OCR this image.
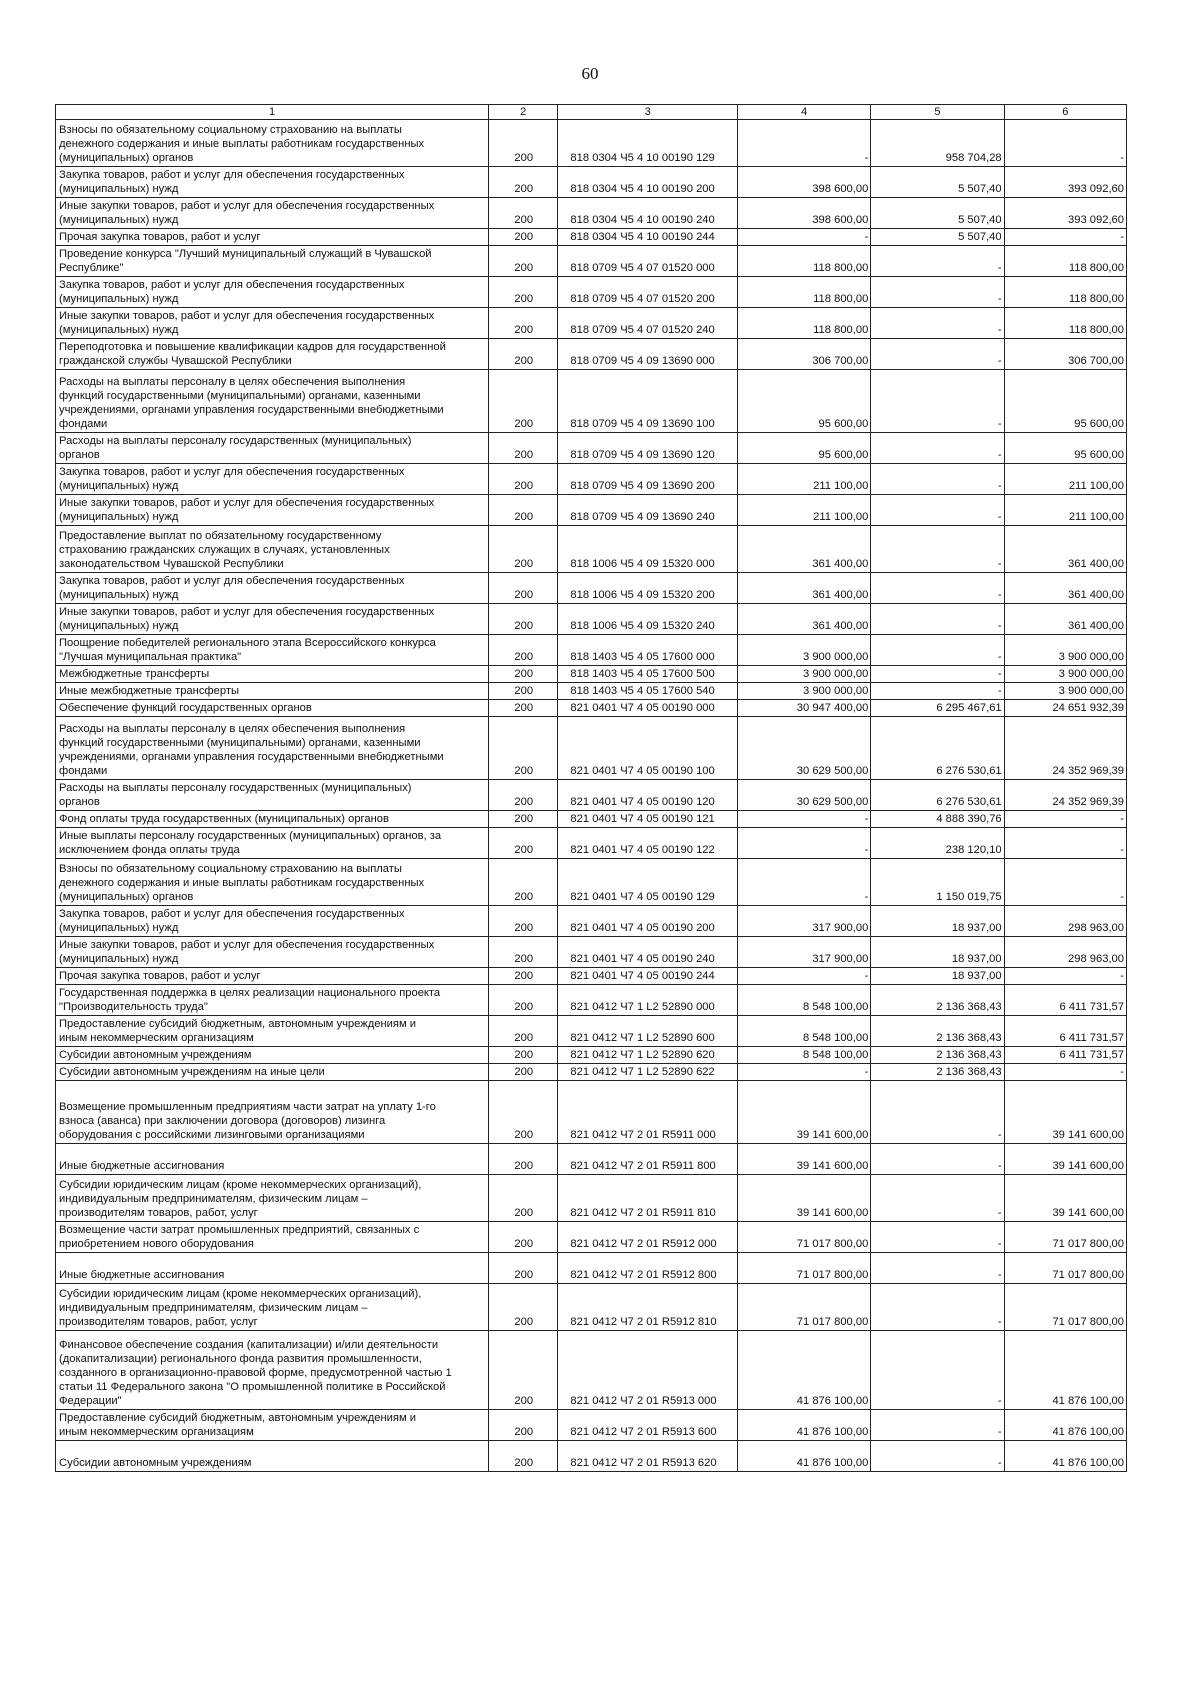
60
1	2	3	4	5	6

Взносы по обязательному социальному страхованию на выплаты
денежного содержания и иные выплаты работникам государственных
(муниципальных) органов	200	818 0304 Ч5 4 10 00190 129	-	958 704,28	-

Закупка товаров, работ и услуг для обеспечения государственных
(муниципальных) нужд	200	818 0304 Ч5 4 10 00190 200	398 600,00	5 507,40	393 092,60

Иные закупки товаров, работ и услуг для обеспечения государственных
(муниципальных) нужд	200	818 0304 Ч5 4 10 00190 240	398 600,00	5 507,40	393 092,60

Прочая закупка товаров, работ и услуг	200	818 0304 Ч5 4 10 00190 244	-	5 507,40	-

Проведение конкурса "Лучший муниципальный служащий в Чувашской
Республике"	200	818 0709 Ч5 4 07 01520 000	118 800,00	-	118 800,00

Закупка товаров, работ и услуг для обеспечения государственных
(муниципальных) нужд	200	818 0709 Ч5 4 07 01520 200	118 800,00	-	118 800,00

Иные закупки товаров, работ и услуг для обеспечения государственных
(муниципальных) нужд	200	818 0709 Ч5 4 07 01520 240	118 800,00	-	118 800,00

Переподготовка и повышение квалификации кадров для государственной
гражданской службы Чувашской Республики	200	818 0709 Ч5 4 09 13690 000	306 700,00	-	306 700,00

Расходы на выплаты персоналу в целях обеспечения выполнения
функций государственными (муниципальными) органами, казенными
учреждениями, органами управления государственными внебюджетными
фондами	200	818 0709 Ч5 4 09 13690 100	95 600,00	-	95 600,00

Расходы на выплаты персоналу государственных (муниципальных)
органов	200	818 0709 Ч5 4 09 13690 120	95 600,00	-	95 600,00

Закупка товаров, работ и услуг для обеспечения государственных
(муниципальных) нужд	200	818 0709 Ч5 4 09 13690 200	211 100,00	-	211 100,00

Иные закупки товаров, работ и услуг для обеспечения государственных
(муниципальных) нужд	200	818 0709 Ч5 4 09 13690 240	211 100,00	-	211 100,00

Предоставление выплат по обязательному государственному
страхованию гражданских служащих в случаях, установленных
законодательством Чувашской Республики	200	818 1006 Ч5 4 09 15320 000	361 400,00	-	361 400,00

Закупка товаров, работ и услуг для обеспечения государственных
(муниципальных) нужд	200	818 1006 Ч5 4 09 15320 200	361 400,00	-	361 400,00

Иные закупки товаров, работ и услуг для обеспечения государственных
(муниципальных) нужд	200	818 1006 Ч5 4 09 15320 240	361 400,00	-	361 400,00

Поощрение победителей регионального этапа Всероссийского конкурса
"Лучшая муниципальная практика"	200	818 1403 Ч5 4 05 17600 000	3 900 000,00	-	3 900 000,00

Межбюджетные трансферты	200	818 1403 Ч5 4 05 17600 500	3 900 000,00	-	3 900 000,00

Иные межбюджетные трансферты	200	818 1403 Ч5 4 05 17600 540	3 900 000,00	-	3 900 000,00

Обеспечение функций государственных органов	200	821 0401 Ч7 4 05 00190 000	30 947 400,00	6 295 467,61	24 651 932,39

Расходы на выплаты персоналу в целях обеспечения выполнения
функций государственными (муниципальными) органами, казенными
учреждениями, органами управления государственными внебюджетными
фондами	200	821 0401 Ч7 4 05 00190 100	30 629 500,00	6 276 530,61	24 352 969,39

Расходы на выплаты персоналу государственных (муниципальных)
органов	200	821 0401 Ч7 4 05 00190 120	30 629 500,00	6 276 530,61	24 352 969,39

Фонд оплаты труда государственных (муниципальных) органов	200	821 0401 Ч7 4 05 00190 121	-	4 888 390,76	-

Иные выплаты персоналу государственных (муниципальных) органов, за
исключением фонда оплаты труда	200	821 0401 Ч7 4 05 00190 122	-	238 120,10	-

Взносы по обязательному социальному страхованию на выплаты
денежного содержания и иные выплаты работникам государственных
(муниципальных) органов	200	821 0401 Ч7 4 05 00190 129	-	1 150 019,75	-

Закупка товаров, работ и услуг для обеспечения государственных
(муниципальных) нужд	200	821 0401 Ч7 4 05 00190 200	317 900,00	18 937,00	298 963,00

Иные закупки товаров, работ и услуг для обеспечения государственных
(муниципальных) нужд	200	821 0401 Ч7 4 05 00190 240	317 900,00	18 937,00	298 963,00

Прочая закупка товаров, работ и услуг	200	821 0401 Ч7 4 05 00190 244	-	18 937,00	-

Государственная поддержка в целях реализации национального проекта
"Производительность труда"	200	821 0412 Ч7 1 L2 52890 000	8 548 100,00	2 136 368,43	6 411 731,57

Предоставление субсидий бюджетным, автономным учреждениям и
иным некоммерческим организациям	200	821 0412 Ч7 1 L2 52890 600	8 548 100,00	2 136 368,43	6 411 731,57

Субсидии автономным учреждениям	200	821 0412 Ч7 1 L2 52890 620	8 548 100,00	2 136 368,43	6 411 731,57

Субсидии автономным учреждениям на иные цели	200	821 0412 Ч7 1 L2 52890 622	-	2 136 368,43	-

Возмещение промышленным предприятиям части затрат на уплату 1-го
взноса (аванса) при заключении договора (договоров) лизинга
оборудования с российскими лизинговыми организациями	200	821 0412 Ч7 2 01 R5911 000	39 141 600,00	-	39 141 600,00

Иные бюджетные ассигнования	200	821 0412 Ч7 2 01 R5911 800	39 141 600,00	-	39 141 600,00

Субсидии юридическим лицам (кроме некоммерческих организаций),
индивидуальным предпринимателям, физическим лицам –
производителям товаров, работ, услуг	200	821 0412 Ч7 2 01 R5911 810	39 141 600,00	-	39 141 600,00

Возмещение части затрат промышленных предприятий, связанных с
приобретением нового оборудования	200	821 0412 Ч7 2 01 R5912 000	71 017 800,00	-	71 017 800,00

Иные бюджетные ассигнования	200	821 0412 Ч7 2 01 R5912 800	71 017 800,00	-	71 017 800,00

Субсидии юридическим лицам (кроме некоммерческих организаций),
индивидуальным предпринимателям, физическим лицам –
производителям товаров, работ, услуг	200	821 0412 Ч7 2 01 R5912 810	71 017 800,00	-	71 017 800,00

Финансовое обеспечение создания (капитализации) и/или деятельности
(докапитализации) регионального фонда развития промышленности,
созданного в организационно-правовой форме, предусмотренной частью 1
статьи 11 Федерального закона "О промышленной политике в Российской
Федерации"	200	821 0412 Ч7 2 01 R5913 000	41 876 100,00	-	41 876 100,00

Предоставление субсидий бюджетным, автономным учреждениям и
иным некоммерческим организациям	200	821 0412 Ч7 2 01 R5913 600	41 876 100,00	-	41 876 100,00

Субсидии автономным учреждениям	200	821 0412 Ч7 2 01 R5913 620	41 876 100,00	-	41 876 100,00
